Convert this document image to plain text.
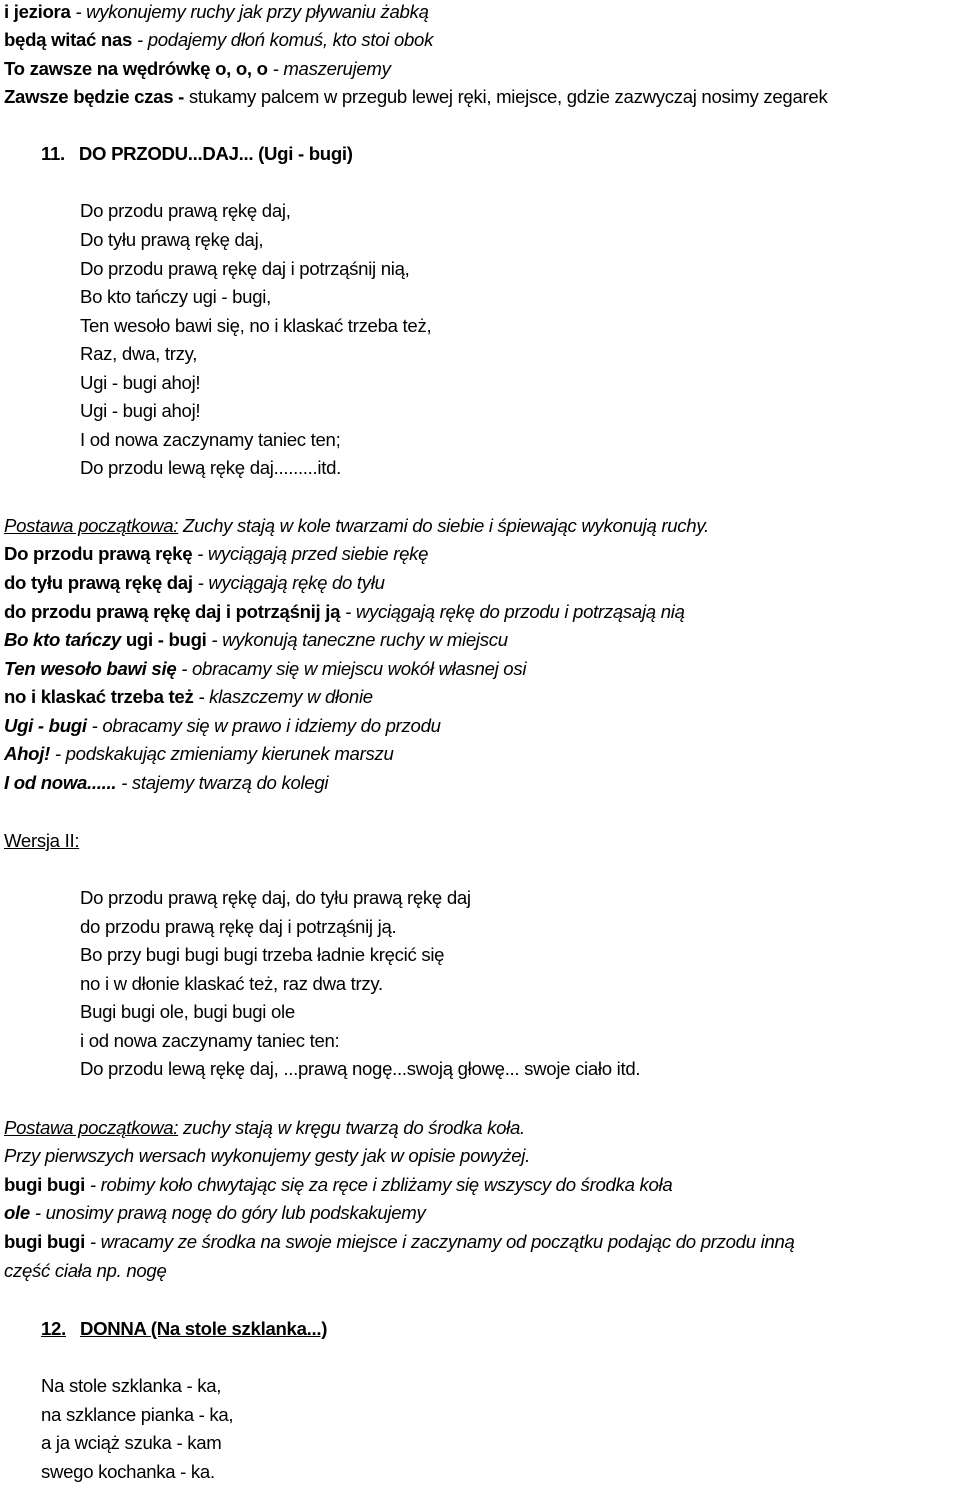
i jeziora - wykonujemy ruchy jak przy pływaniu żabką
będą witać nas - podajemy dłoń komuś, kto stoi obok
To zawsze na wędrówkę o, o, o - maszerujemy
Zawsze będzie czas - stukamy palcem w przegub lewej ręki, miejsce, gdzie zazwyczaj nosimy zegarek
11. DO PRZODU...DAJ... (Ugi - bugi)
Do przodu prawą rękę daj,
Do tyłu prawą rękę daj,
Do przodu prawą rękę daj i potrząśnij nią,
Bo kto tańczy ugi - bugi,
Ten wesoło bawi się, no i klaskać trzeba też,
Raz, dwa, trzy,
Ugi - bugi ahoj!
Ugi - bugi ahoj!
I od nowa zaczynamy taniec ten;
Do przodu lewą rękę daj.........itd.
Postawa początkowa: Zuchy stają w kole twarzami do siebie i śpiewając wykonują ruchy.
Do przodu prawą rękę - wyciągają przed siebie rękę
do tyłu prawą rękę daj - wyciągają rękę do tyłu
do przodu prawą rękę daj i potrząśnij ją - wyciągają rękę do przodu i potrząsają nią
Bo kto tańczy ugi - bugi - wykonują taneczne ruchy w miejscu
Ten wesoło bawi się - obracamy się w miejscu wokół własnej osi
no i klaskać trzeba też - klaszczemy w dłonie
Ugi - bugi - obracamy się w prawo i idziemy do przodu
Ahoj! - podskakując zmieniamy kierunek marszu
I od nowa...... - stajemy twarzą do kolegi
Wersja II:
Do przodu prawą rękę daj, do tyłu prawą rękę daj
do przodu prawą rękę daj i potrząśnij ją.
Bo przy bugi bugi bugi trzeba ładnie kręcić się
no i w dłonie klaskać też, raz dwa trzy.
Bugi bugi ole, bugi bugi ole
i od nowa zaczynamy taniec ten:
Do przodu lewą rękę daj, ...prawą nogę...swoją głowę... swoje ciało itd.
Postawa początkowa: zuchy stają w kręgu twarzą do środka koła.
Przy pierwszych wersach wykonujemy gesty jak w opisie powyżej.
bugi bugi - robimy koło chwytając się za ręce i zbliżamy się wszyscy do środka koła
ole - unosimy prawą nogę do góry lub podskakujemy
bugi bugi - wracamy ze środka na swoje miejsce i zaczynamy od początku podając do przodu inną
część ciała np. nogę
12. DONNA (Na stole szklanka...)
Na stole szklanka - ka,
na szklance pianka - ka,
a ja wciąż szuka - kam
swego kochanka - ka.
